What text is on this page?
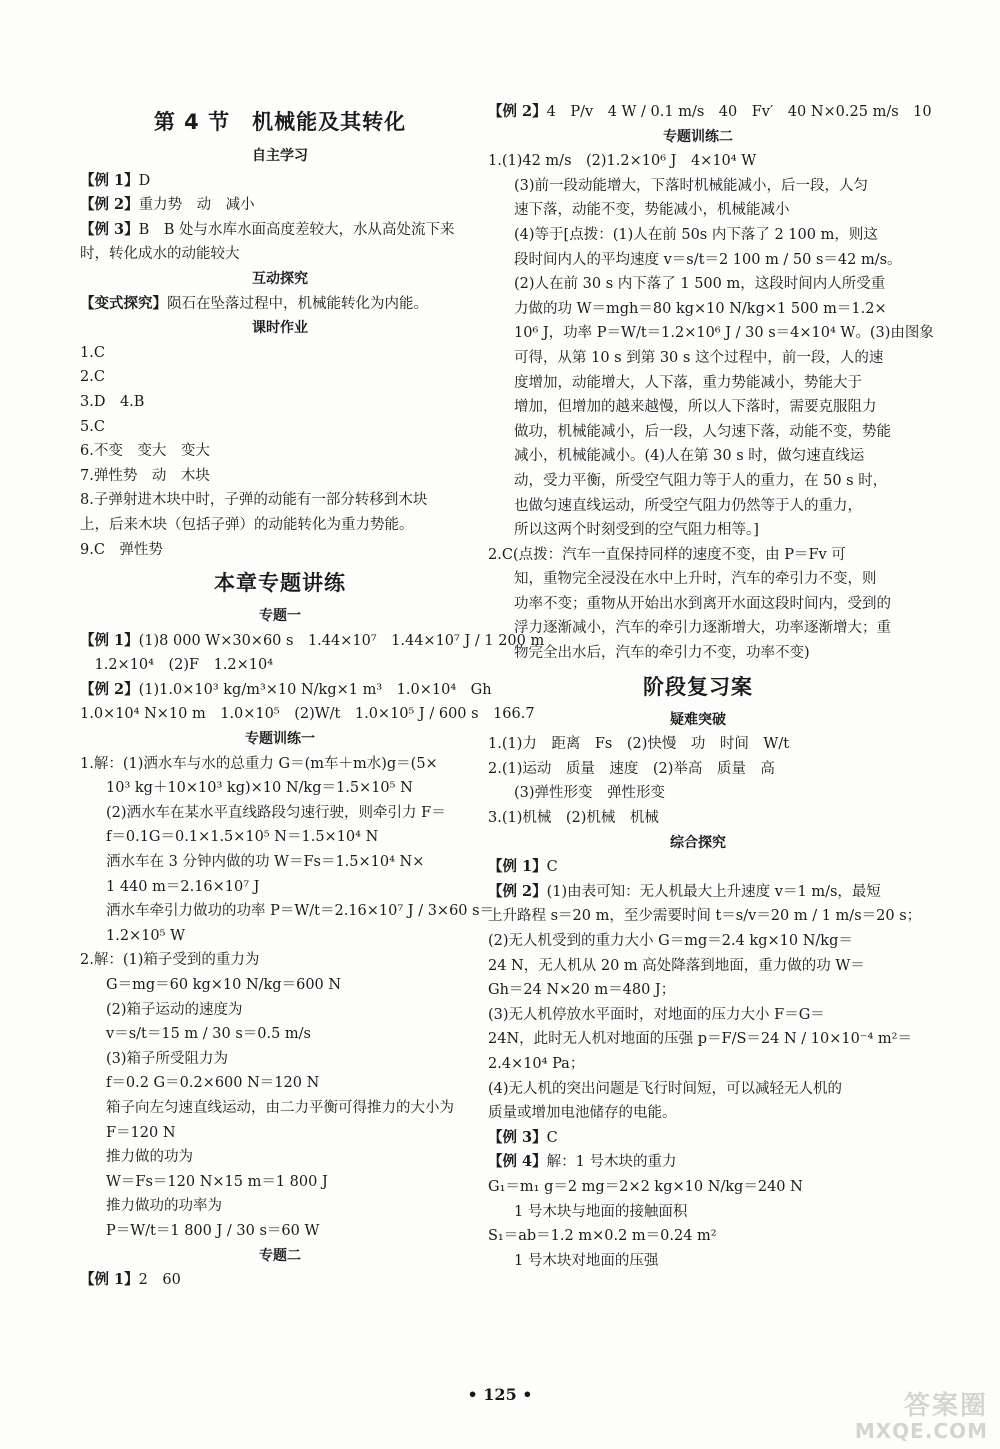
第 4 节　机械能及其转化
自主学习
【例 1】D
【例 2】重力势　动　减小
【例 3】B　B 处与水库水面高度差较大，水从高处流下来
时，转化成水的动能较大
互动探究
【变式探究】陨石在坠落过程中，机械能转化为内能。
课时作业
1.C
2.C
3.D　4.B
5.C
6.不变　变大　变大
7.弹性势　动　木块
8.子弹射进木块中时，子弹的动能有一部分转移到木块
上，后来木块（包括子弹）的动能转化为重力势能。
9.C　弹性势
本章专题讲练
专题一
【例 1】(1)8 000 W×30×60 s　1.44×10⁷　1.44×10⁷ J / 1 200 m
　1.2×10⁴　(2)F　1.2×10⁴
【例 2】(1)1.0×10³ kg/m³×10 N/kg×1 m³　1.0×10⁴　Gh
1.0×10⁴ N×10 m　1.0×10⁵　(2)W/t　1.0×10⁵ J / 600 s　166.7
专题训练一
1.解：(1)洒水车与水的总重力 G＝(m车＋m水)g＝(5×
10³ kg＋10×10³ kg)×10 N/kg＝1.5×10⁵ N
(2)洒水车在某水平直线路段匀速行驶，则牵引力 F＝
f＝0.1G＝0.1×1.5×10⁵ N＝1.5×10⁴ N
洒水车在 3 分钟内做的功 W＝Fs＝1.5×10⁴ N×
1 440 m＝2.16×10⁷ J
洒水车牵引力做功的功率 P＝W/t＝2.16×10⁷ J / 3×60 s＝
1.2×10⁵ W
2.解：(1)箱子受到的重力为
G＝mg＝60 kg×10 N/kg＝600 N
(2)箱子运动的速度为
v＝s/t＝15 m / 30 s＝0.5 m/s
(3)箱子所受阻力为
f＝0.2 G＝0.2×600 N＝120 N
箱子向左匀速直线运动，由二力平衡可得推力的大小为
F＝120 N
推力做的功为
W＝Fs＝120 N×15 m＝1 800 J
推力做功的功率为
P＝W/t＝1 800 J / 30 s＝60 W
专题二
【例 1】2　60
【例 2】4　P/v　4 W / 0.1 m/s　40　Fv′　40 N×0.25 m/s　10
专题训练二
1.(1)42 m/s　(2)1.2×10⁶ J　4×10⁴ W
(3)前一段动能增大，下落时机械能减小，后一段，人匀
速下落，动能不变，势能减小，机械能减小
(4)等于[点拨：(1)人在前 50s 内下落了 2 100 m，则这
段时间内人的平均速度 v＝s/t＝2 100 m / 50 s＝42 m/s。
(2)人在前 30 s 内下落了 1 500 m，这段时间内人所受重
力做的功 W＝mgh＝80 kg×10 N/kg×1 500 m＝1.2×
10⁶ J，功率 P＝W/t＝1.2×10⁶ J / 30 s＝4×10⁴ W。(3)由图象
可得，从第 10 s 到第 30 s 这个过程中，前一段，人的速
度增加，动能增大，人下落，重力势能减小，势能大于
增加，但增加的越来越慢，所以人下落时，需要克服阻力
做功，机械能减小，后一段，人匀速下落，动能不变，势能
减小，机械能减小。(4)人在第 30 s 时，做匀速直线运
动，受力平衡，所受空气阻力等于人的重力，在 50 s 时，
也做匀速直线运动，所受空气阻力仍然等于人的重力，
所以这两个时刻受到的空气阻力相等。]
2.C(点拨：汽车一直保持同样的速度不变，由 P＝Fv 可
知，重物完全浸没在水中上升时，汽车的牵引力不变，则
功率不变；重物从开始出水到离开水面这段时间内，受到的
浮力逐渐减小，汽车的牵引力逐渐增大，功率逐渐增大；重
物完全出水后，汽车的牵引力不变，功率不变)
阶段复习案
疑难突破
1.(1)力　距离　Fs　(2)快慢　功　时间　W/t
2.(1)运动　质量　速度　(2)举高　质量　高
(3)弹性形变　弹性形变
3.(1)机械　(2)机械　机械
综合探究
【例 1】C
【例 2】(1)由表可知：无人机最大上升速度 v＝1 m/s，最短
上升路程 s＝20 m，至少需要时间 t＝s/v＝20 m / 1 m/s＝20 s；
(2)无人机受到的重力大小 G＝mg＝2.4 kg×10 N/kg＝
24 N，无人机从 20 m 高处降落到地面，重力做的功 W＝
Gh＝24 N×20 m＝480 J；
(3)无人机停放水平面时，对地面的压力大小 F＝G＝
24N，此时无人机对地面的压强 p＝F/S＝24 N / 10×10⁻⁴ m²＝
2.4×10⁴ Pa；
(4)无人机的突出问题是飞行时间短，可以减轻无人机的
质量或增加电池储存的电能。
【例 3】C
【例 4】解：1 号木块的重力
G₁＝m₁ g＝2 mg＝2×2 kg×10 N/kg＝240 N
1 号木块与地面的接触面积
S₁＝ab＝1.2 m×0.2 m＝0.24 m²
1 号木块对地面的压强
• 125 •	答案圈
MXQE.COM
